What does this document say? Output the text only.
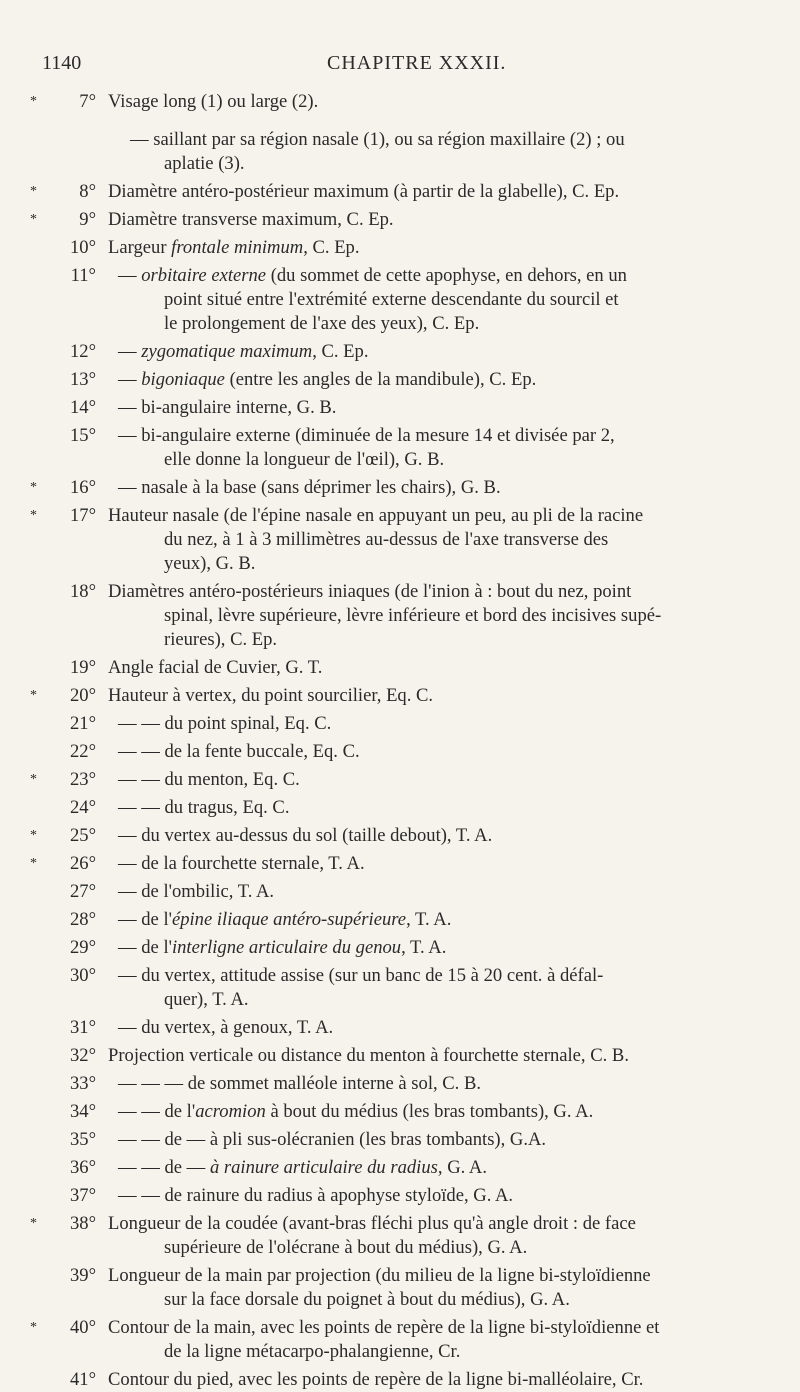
1140	CHAPITRE XXXII.
*	7° Visage long (1) ou large (2).
— saillant par sa région nasale (1), ou sa région maxillaire (2) ; ou
aplatie (3).
*	8° Diamètre antéro-postérieur maximum (à partir de la glabelle), C. Ep.
*	9° Diamètre transverse maximum, C. Ep.
10° Largeur frontale minimum, C. Ep.
11° — orbitaire externe (du sommet de cette apophyse, en dehors, en un
point situé entre l'extrémité externe descendante du sourcil et
le prolongement de l'axe des yeux), C. Ep.
12° — zygomatique maximum, C. Ep.
13° — bigoniaque (entre les angles de la mandibule), C. Ep.
14° — bi-angulaire interne, G. B.
15° — bi-angulaire externe (diminuée de la mesure 14 et divisée par 2,
elle donne la longueur de l'œil), G. B.
*	16° — nasale à la base (sans déprimer les chairs), G. B.
*	17° Hauteur nasale (de l'épine nasale en appuyant un peu, au pli de la racine
du nez, à 1 à 3 millimètres au-dessus de l'axe transverse des
yeux), G. B.
18° Diamètres antéro-postérieurs iniaques (de l'inion à : bout du nez, point
spinal, lèvre supérieure, lèvre inférieure et bord des incisives supé-
rieures), C. Ep.
19° Angle facial de Cuvier, G. T.
*	20° Hauteur à vertex, du point sourcilier, Eq. C.
21° — — du point spinal, Eq. C.
22° — — de la fente buccale, Eq. C.
*	23° — — du menton, Eq. C.
24° — — du tragus, Eq. C.
*	25° — du vertex au-dessus du sol (taille debout), T. A.
*	26° — de la fourchette sternale, T. A.
27° — de l'ombilic, T. A.
28° — de l'épine iliaque antéro-supérieure, T. A.
29° — de l'interligne articulaire du genou, T. A.
30° — du vertex, attitude assise (sur un banc de 15 à 20 cent. à défal-
quer), T. A.
31° — du vertex, à genoux, T. A.
32° Projection verticale ou distance du menton à fourchette sternale, C. B.
33° — — — de sommet malléole interne à sol, C. B.
34° — — de l'acromion à bout du médius (les bras tombants), G. A.
35° — — de — à pli sus-olécranien (les bras tombants), G.A.
36° — — de — à rainure articulaire du radius, G. A.
37° — — de rainure du radius à apophyse styloïde, G. A.
*	38° Longueur de la coudée (avant-bras fléchi plus qu'à angle droit : de face
supérieure de l'olécrane à bout du médius), G. A.
39° Longueur de la main par projection (du milieu de la ligne bi-styloïdienne
sur la face dorsale du poignet à bout du médius), G. A.
*	40° Contour de la main, avec les points de repère de la ligne bi-styloïdienne et
de la ligne métacarpo-phalangienne, Cr.
41° Contour du pied, avec les points de repère de la ligne bi-malléolaire, Cr.
